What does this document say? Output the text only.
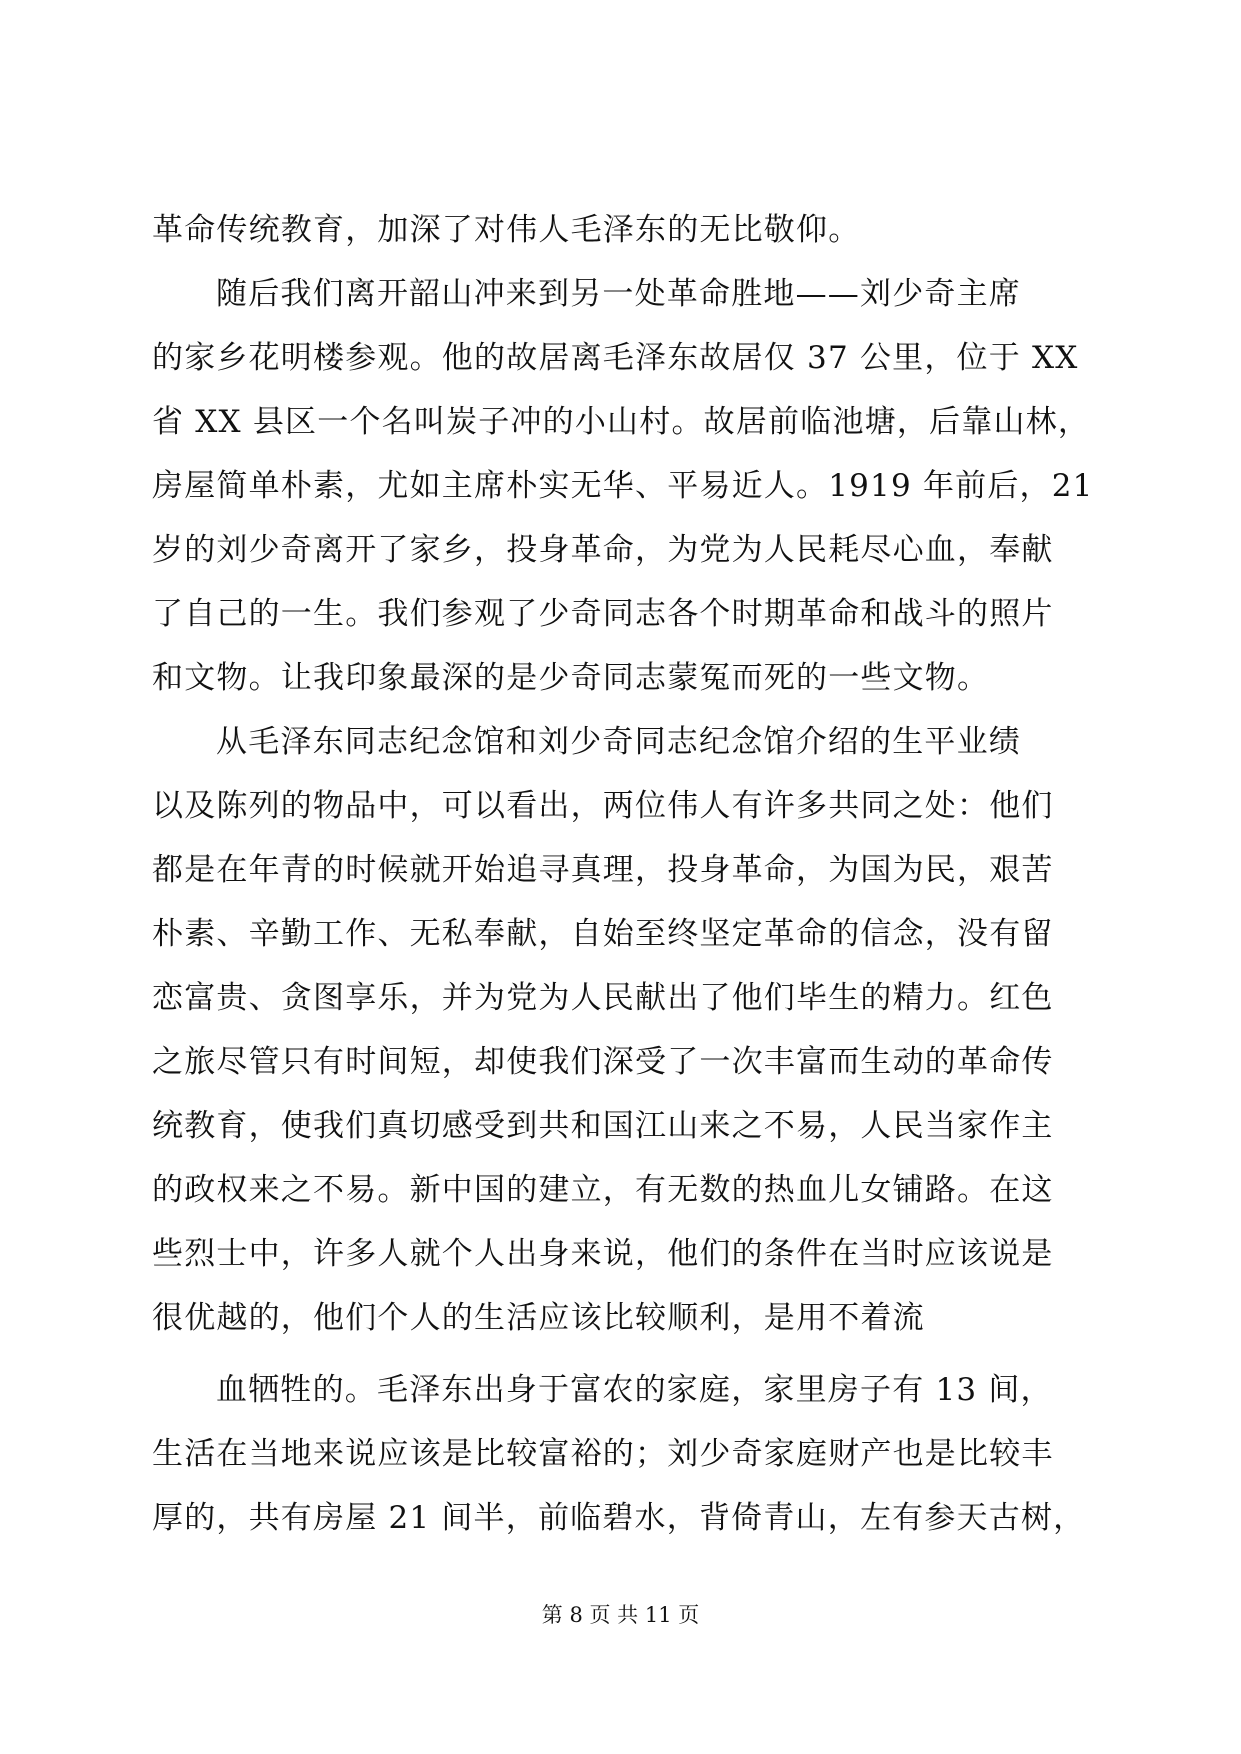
革命传统教育，加深了对伟人毛泽东的无比敬仰。
随后我们离开韶山冲来到另一处革命胜地——刘少奇主席
的家乡花明楼参观。他的故居离毛泽东故居仅 37 公里，位于 XX
省 XX 县区一个名叫炭子冲的小山村。故居前临池塘，后靠山林，
房屋简单朴素，尤如主席朴实无华、平易近人。1919 年前后，21
岁的刘少奇离开了家乡，投身革命，为党为人民耗尽心血，奉献
了自己的一生。我们参观了少奇同志各个时期革命和战斗的照片
和文物。让我印象最深的是少奇同志蒙冤而死的一些文物。
从毛泽东同志纪念馆和刘少奇同志纪念馆介绍的生平业绩
以及陈列的物品中，可以看出，两位伟人有许多共同之处：他们
都是在年青的时候就开始追寻真理，投身革命，为国为民，艰苦
朴素、辛勤工作、无私奉献，自始至终坚定革命的信念，没有留
恋富贵、贪图享乐，并为党为人民献出了他们毕生的精力。红色
之旅尽管只有时间短，却使我们深受了一次丰富而生动的革命传
统教育，使我们真切感受到共和国江山来之不易，人民当家作主
的政权来之不易。新中国的建立，有无数的热血儿女铺路。在这
些烈士中，许多人就个人出身来说，他们的条件在当时应该说是
很优越的，他们个人的生活应该比较顺利，是用不着流
血牺牲的。毛泽东出身于富农的家庭，家里房子有 13 间，
生活在当地来说应该是比较富裕的；刘少奇家庭财产也是比较丰
厚的，共有房屋 21 间半，前临碧水，背倚青山，左有参天古树，
第 8 页 共 11 页
